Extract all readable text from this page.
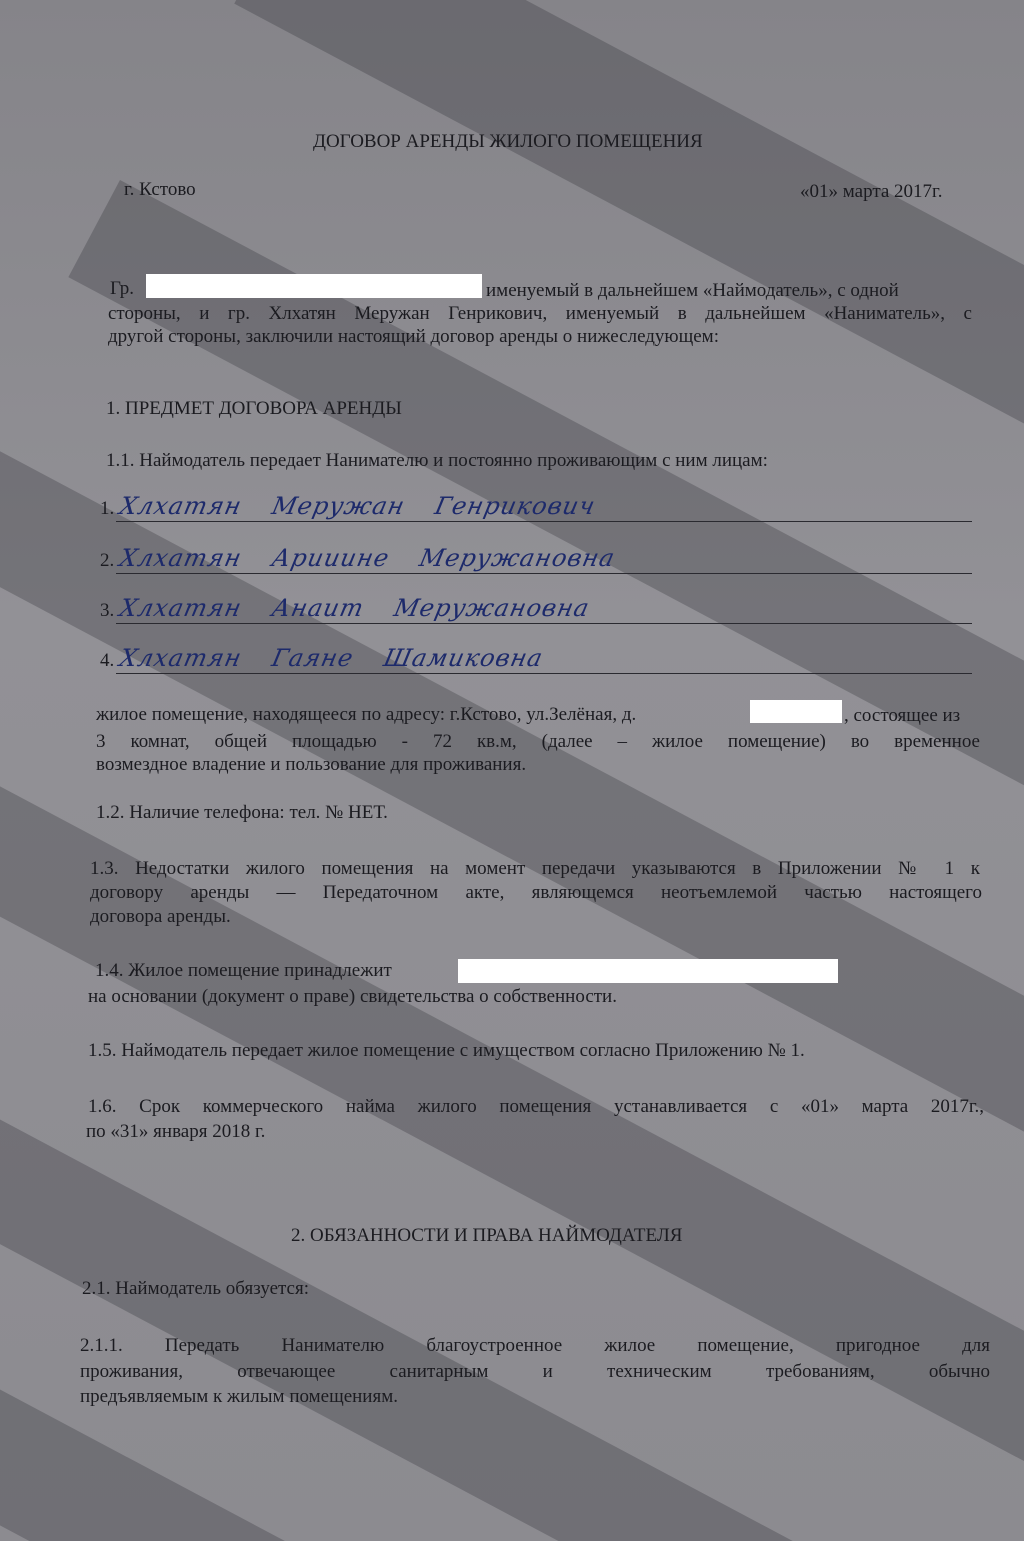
ДОГОВОР АРЕНДЫ ЖИЛОГО ПОМЕЩЕНИЯ
г. Кстово	«01» марта 2017г.
Гр.	именуемый в дальнейшем «Наймодатель», с одной
стороны, и гр. Хлхатян Меружан Генрикович, именуемый в дальнейшем «Наниматель», с
другой стороны, заключили настоящий договор аренды о нижеследующем:
1. ПРЕДМЕТ ДОГОВОРА АРЕНДЫ
1.1. Наймодатель передает Нанимателю и постоянно проживающим с ним лицам:
1. Хлхатян Меружан Генрикович
2. Хлхатян Арииине Меружановна
3. Хлхатян Анаит Меружановна
4. Хлхатян Гаяне Шамиковна
жилое помещение, находящееся по адресу: г.Кстово, ул.Зелёная, д.	, состоящее из
3 комнат, общей площадью - 72 кв.м, (далее – жилое помещение) во временное
возмездное владение и пользование для проживания.
1.2. Наличие телефона: тел. № НЕТ.
1.3. Недостатки жилого помещения на момент передачи указываются в Приложении № 1 к
договору аренды — Передаточном акте, являющемся неотъемлемой частью настоящего
договора аренды.
1.4. Жилое помещение принадлежит
на основании (документ о праве) свидетельства о собственности.
1.5. Наймодатель передает жилое помещение с имуществом согласно Приложению № 1.
1.6. Срок коммерческого найма жилого помещения устанавливается с «01» марта 2017г.,
по «31» января 2018 г.
2. ОБЯЗАННОСТИ И ПРАВА НАЙМОДАТЕЛЯ
2.1. Наймодатель обязуется:
2.1.1. Передать Нанимателю благоустроенное жилое помещение, пригодное для
проживания, отвечающее санитарным и техническим требованиям, обычно
предъявляемым к жилым помещениям.
